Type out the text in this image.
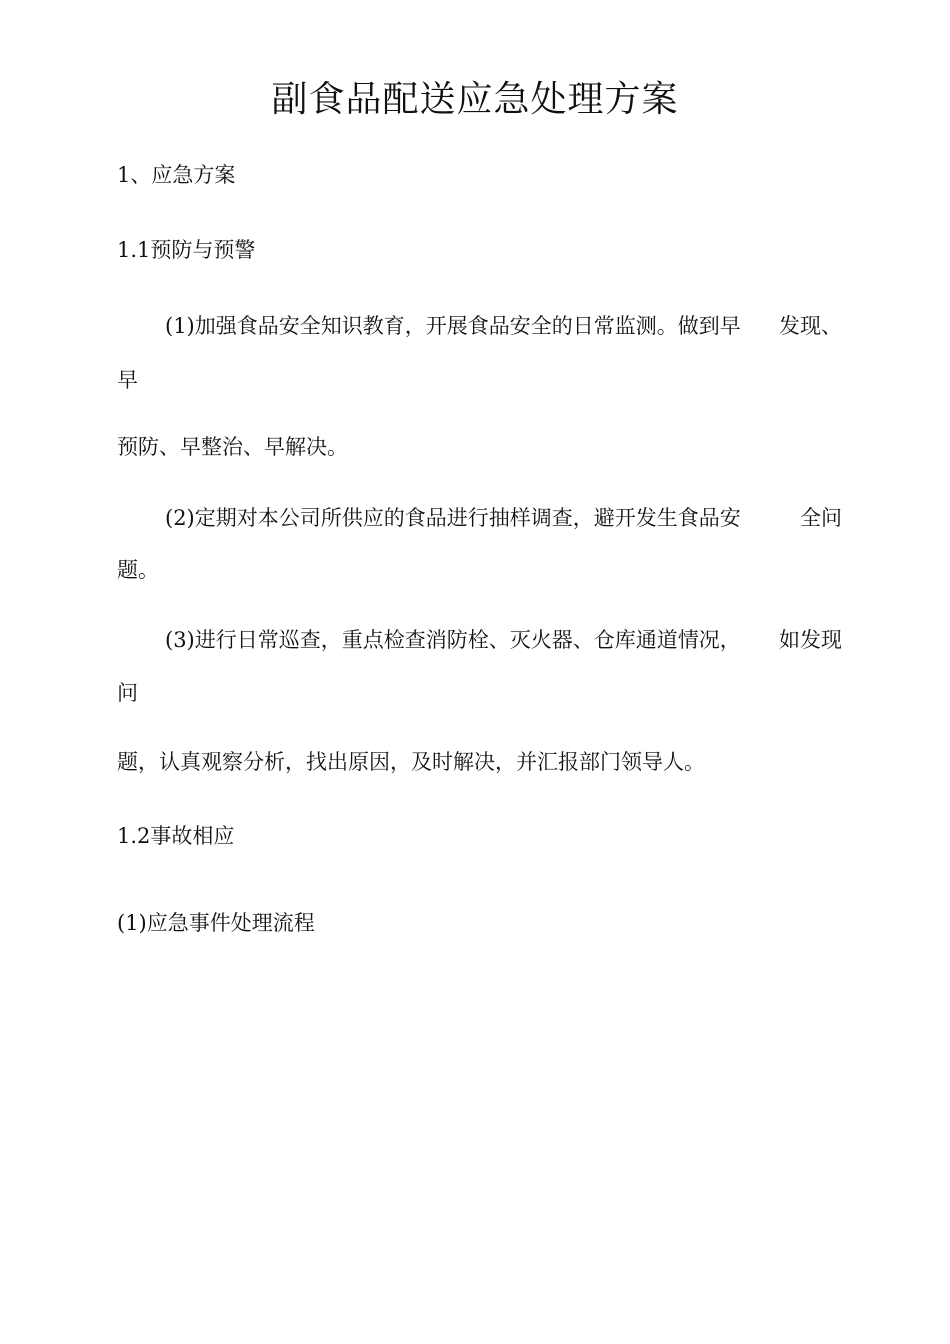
副食品配送应急处理方案
1、应急方案
1.1预防与预警
(1)加强食品安全知识教育，开展食品安全的日常监测。做到早 发现、
早
预防、早整治、早解决。
(2)定期对本公司所供应的食品进行抽样调查，避开发生食品安	全问
题。
(3)进行日常巡查，重点检查消防栓、灭火器、仓库通道情况， 如发现
问
题，认真观察分析，找出原因，及时解决，并汇报部门领导人。
1.2事故相应
(1)应急事件处理流程
